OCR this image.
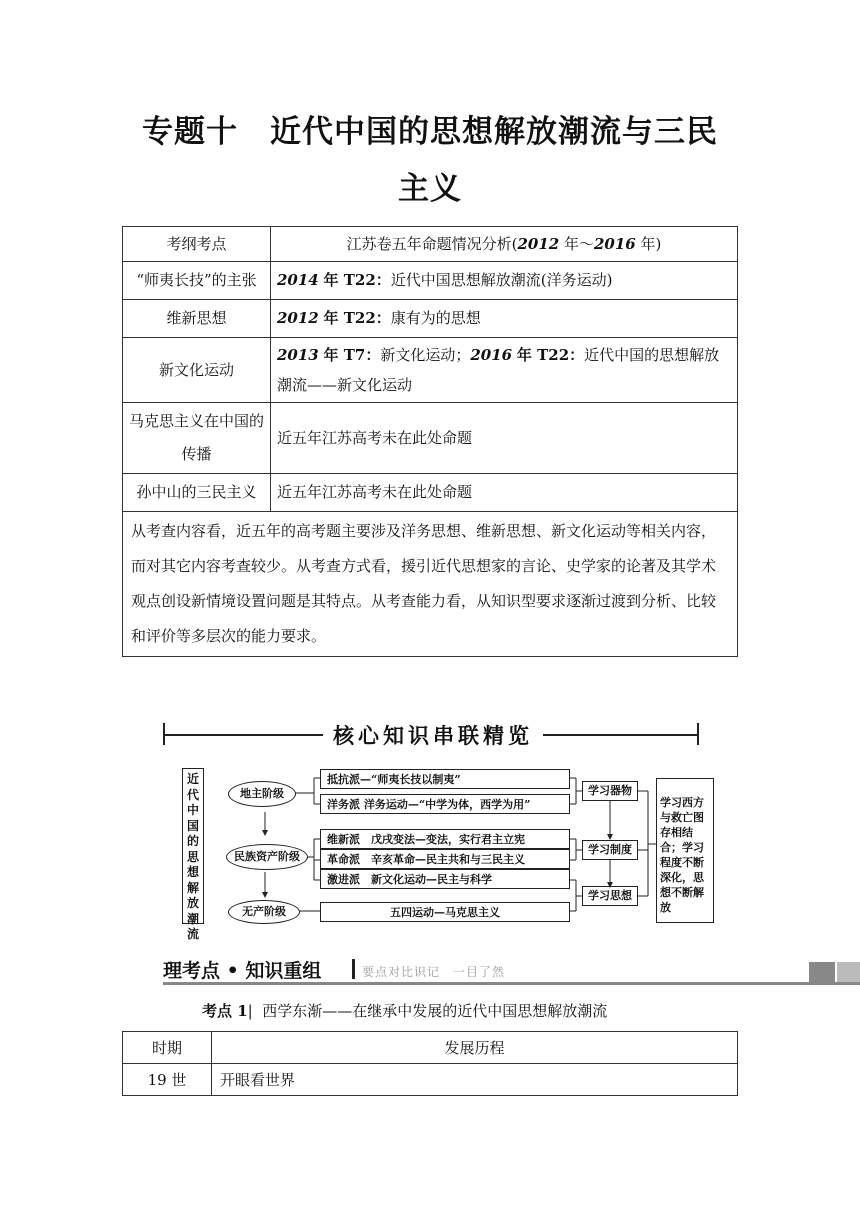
专题十　近代中国的思想解放潮流与三民
主义
考纲考点	江苏卷五年命题情况分析(2012 年～2016 年)
“师夷长技”的主张	2014 年 T22：近代中国思想解放潮流(洋务运动)
维新思想	2012 年 T22：康有为的思想
新文化运动	2013 年 T7：新文化运动；2016 年 T22：近代中国的思想解放潮流——新文化运动
马克思主义在中国的传播	近五年江苏高考未在此处命题
孙中山的三民主义	近五年江苏高考未在此处命题
从考查内容看，近五年的高考题主要涉及洋务思想、维新思想、新文化运动等相关内容，而对其它内容考查较少。从考查方式看，援引近代思想家的言论、史学家的论著及其学术观点创设新情境设置问题是其特点。从考查能力看，从知识型要求逐渐过渡到分析、比较和评价等多层次的能力要求。	
核心知识串联精览
近代中国的思想解放潮流
地主阶级
民族资产阶级
无产阶级
抵抗派—“师夷长技以制夷”
洋务派 洋务运动—“中学为体，西学为用”
维新派　戊戌变法—变法，实行君主立宪
革命派　辛亥革命—民主共和与三民主义
激进派　新文化运动—民主与科学
五四运动—马克思主义
学习器物
学习制度
学习思想
学习西方与救亡图存相结合；学习程度不断深化，思想不断解放
理考点 • 知识重组	要点对比识记　一目了然
考点 1| 西学东渐——在继承中发展的近代中国思想解放潮流
时期	发展历程
19 世	开眼看世界
